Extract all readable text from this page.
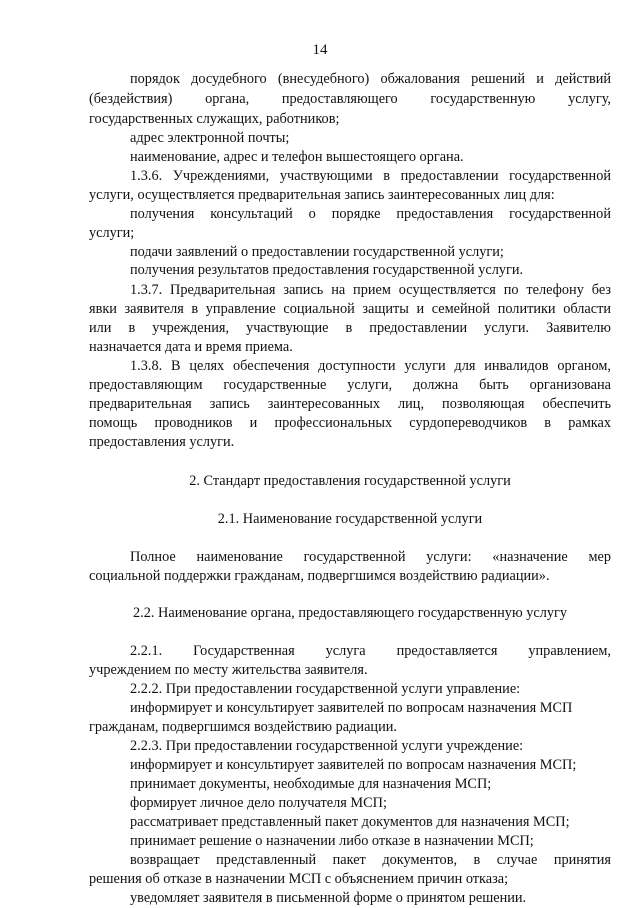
14
порядок досудебного (внесудебного) обжалования решений и действий
(бездействия) органа, предоставляющего государственную услугу,
государственных служащих, работников;
адрес электронной почты;
наименование, адрес и телефон вышестоящего органа.
1.3.6. Учреждениями, участвующими в предоставлении государственной
услуги, осуществляется предварительная запись заинтересованных лиц для:
получения консультаций о порядке предоставления государственной
услуги;
подачи заявлений о предоставлении государственной услуги;
получения результатов предоставления государственной услуги.
1.3.7. Предварительная запись на прием осуществляется по телефону без
явки заявителя в управление социальной защиты и семейной политики области
или в учреждения, участвующие в предоставлении услуги. Заявителю
назначается дата и время приема.
1.3.8. В целях обеспечения доступности услуги для инвалидов органом,
предоставляющим государственные услуги, должна быть организована
предварительная запись заинтересованных лиц, позволяющая обеспечить
помощь проводников и профессиональных сурдопереводчиков в рамках
предоставления услуги.
2. Стандарт предоставления государственной услуги
2.1. Наименование государственной услуги
Полное наименование государственной услуги: «назначение мер
социальной поддержки гражданам, подвергшимся воздействию радиации».
2.2. Наименование органа, предоставляющего государственную услугу
2.2.1. Государственная услуга предоставляется управлением,
учреждением по месту жительства заявителя.
2.2.2. При предоставлении государственной услуги управление:
информирует и консультирует заявителей по вопросам назначения МСП
гражданам, подвергшимся воздействию радиации.
2.2.3. При предоставлении государственной услуги учреждение:
информирует и консультирует заявителей по вопросам назначения МСП;
принимает документы, необходимые для назначения МСП;
формирует личное дело получателя МСП;
рассматривает представленный пакет документов для назначения МСП;
принимает решение о назначении либо отказе в назначении МСП;
возвращает представленный пакет документов, в случае принятия
решения об отказе в назначении МСП с объяснением причин отказа;
уведомляет заявителя в письменной форме о принятом решении.
